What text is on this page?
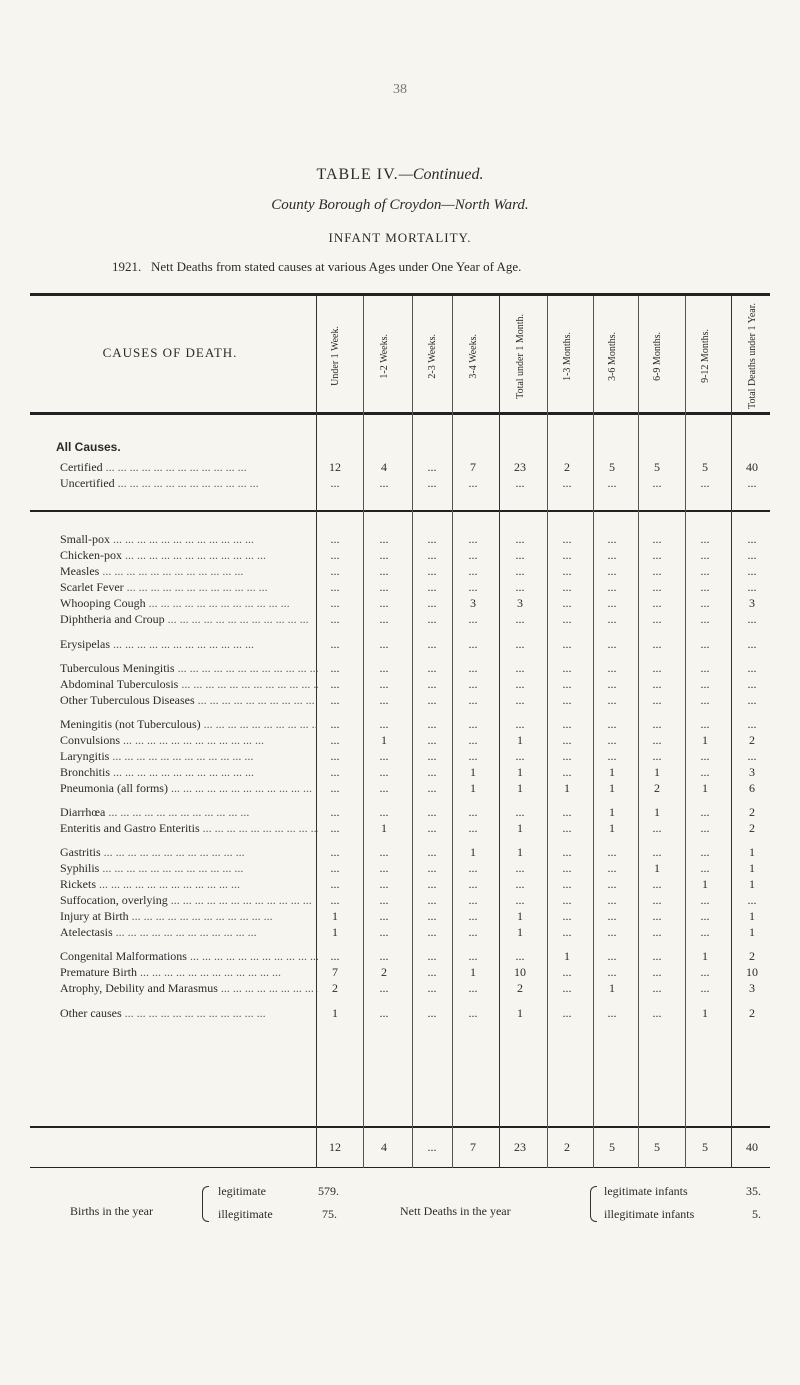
38
TABLE IV.—Continued.
County Borough of Croydon—North Ward.
INFANT MORTALITY.
1921. Nett Deaths from stated causes at various Ages under One Year of Age.
CAUSES OF DEATH.	Under 1 Week.	1-2 Weeks.	2-3 Weeks.	3-4 Weeks.	Total under 1 Month.	1-3 Months.	3-6 Months.	6-9 Months.	9-12 Months.	Total Deaths under 1 Year.
All Causes.
Certified ... .	12	4	...	7	23	2	5	5	5	40
Uncertified ... .	...	...	...	...	...	...	...	...	...	...
Small-pox ... .	...	...	...	...	...	...	...	...	...	...
Chicken-pox ... .	...	...	...	...	...	...	...	...	...	...
Measles ... .	...	...	...	...	...	...	...	...	...	...
Scarlet Fever ... .	...	...	...	...	...	...	...	...	...	...
Whooping Cough ... .	...	...	...	3	3	...	...	...	...	3
Diphtheria and Croup ... .	...	...	...	...	...	...	...	...	...	...
Erysipelas ... .	...	...	...	...	...	...	...	...	...	...
Tuberculous Meningitis ... .	...	...	...	...	...	...	...	...	...	...
Abdominal Tuberculosis ... .	...	...	...	...	...	...	...	...	...	...
Other Tuberculous Diseases ... .	...	...	...	...	...	...	...	...	...	...
Meningitis (not Tuberculous) ... .	...	...	...	...	...	...	...	...	...	...
Convulsions ... .	...	1	...	...	1	...	...	...	1	2
Laryngitis ... .	...	...	...	...	...	...	...	...	...	...
Bronchitis ... .	...	...	...	1	1	...	1	1	...	3
Pneumonia (all forms) ... .	...	...	...	1	1	1	1	2	1	6
Diarrhœa ... .	...	...	...	...	...	...	1	1	...	2
Enteritis and Gastro Enteritis ... .	...	1	...	...	1	...	1	...	...	2
Gastritis ... .	...	...	...	1	1	...	...	...	...	1
Syphilis ... .	...	...	...	...	...	...	...	1	...	1
Rickets ... .	...	...	...	...	...	...	...	...	1	1
Suffocation, overlying ... .	...	...	...	...	...	...	...	...	...	...
Injury at Birth ... .	1	...	...	...	1	...	...	...	...	1
Atelectasis ... .	1	...	...	...	1	...	...	...	...	1
Congenital Malformations ... .	...	...	...	...	...	1	...	...	1	2
Premature Birth ... .	7	2	...	1	10	...	...	...	...	10
Atrophy, Debility and Marasmus ... .	2	...	...	...	2	...	1	...	...	3
Other causes ... .	1	...	...	...	1	...	...	...	1	2
12	4	...	7	23	2	5	5	5	40
Births in the year
legitimate	579.
illegitimate	75.	Nett Deaths in the year
legitimate infants	35.
illegitimate infants	5.
